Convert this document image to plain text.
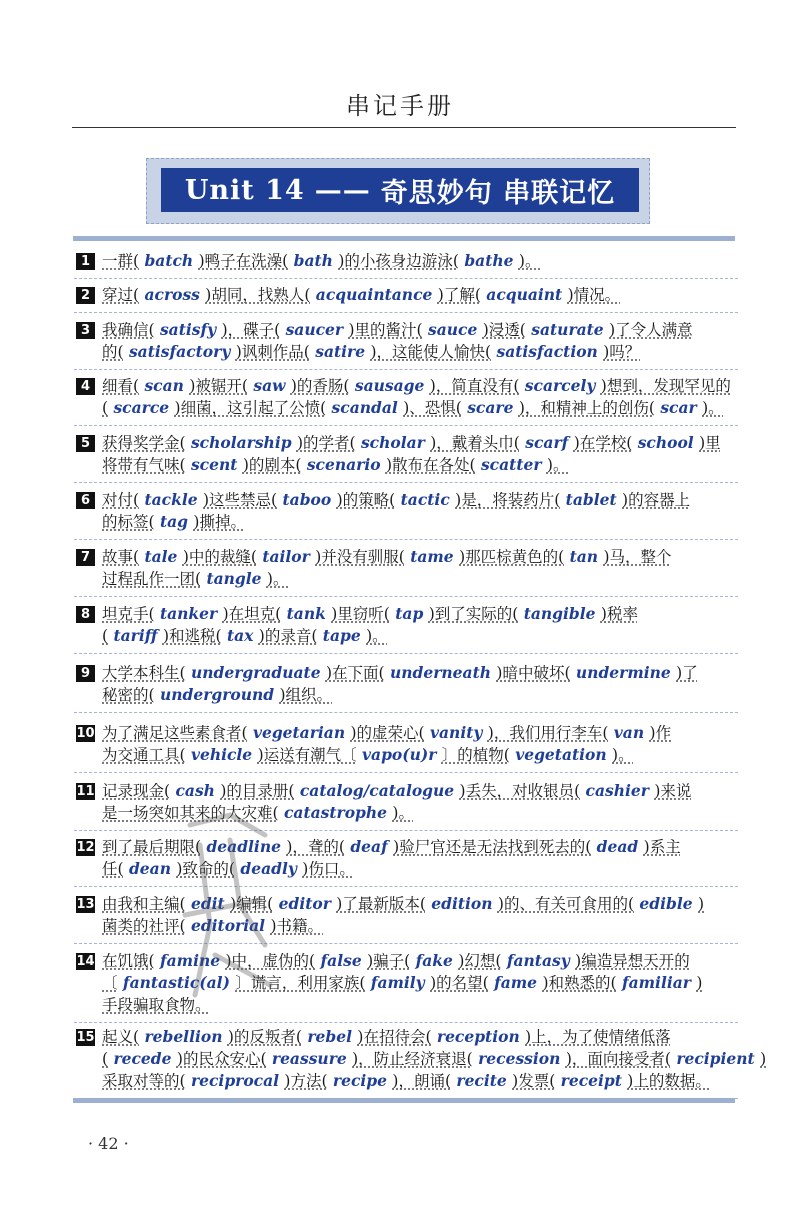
串记手册
Unit 14 —— 奇思妙句 串联记忆

1 一群( batch )鸭子在洗澡( bath )的小孩身边游泳( bathe )。

2 穿过( across )胡同，找熟人( acquaintance )了解( acquaint )情况。

3 我确信( satisfy )，碟子( saucer )里的酱汁( sauce )浸透( saturate )了令人满意
的( satisfactory )讽刺作品( satire )，这能使人愉快( satisfaction )吗？

4 细看( scan )被锯开( saw )的香肠( sausage )，简直没有( scarcely )想到，发现罕见的
( scarce )细菌，这引起了公愤( scandal )、恐惧( scare )，和精神上的创伤( scar )。

5 获得奖学金( scholarship )的学者( scholar )，戴着头巾( scarf )在学校( school )里
将带有气味( scent )的剧本( scenario )散布在各处( scatter )。

6 对付( tackle )这些禁忌( taboo )的策略( tactic )是，将装药片( tablet )的容器上
的标签( tag )撕掉。

7 故事( tale )中的裁缝( tailor )并没有驯服( tame )那匹棕黄色的( tan )马，整个
过程乱作一团( tangle )。

8 坦克手( tanker )在坦克( tank )里窃听( tap )到了实际的( tangible )税率
( tariff )和逃税( tax )的录音( tape )。

9 大学本科生( undergraduate )在下面( underneath )暗中破坏( undermine )了
秘密的( underground )组织。

10 为了满足这些素食者( vegetarian )的虚荣心( vanity )，我们用行李车( van )作
为交通工具( vehicle )运送有潮气〔 vapo(u)r 〕的植物( vegetation )。

11 记录现金( cash )的目录册( catalog/catalogue )丢失，对收银员( cashier )来说
是一场突如其来的大灾难( catastrophe )。

12 到了最后期限( deadline )，聋的( deaf )验尸官还是无法找到死去的( dead )系主
任( dean )致命的( deadly )伤口。

13 由我和主编( edit )编辑( editor )了最新版本( edition )的、有关可食用的( edible )
菌类的社评( editorial )书籍。

14 在饥饿( famine )中，虚伪的( false )骗子( fake )幻想( fantasy )编造异想天开的
〔 fantastic(al) 〕谎言，利用家族( family )的名望( fame )和熟悉的( familiar )
手段骗取食物。

15 起义( rebellion )的反叛者( rebel )在招待会( reception )上，为了使情绪低落
( recede )的民众安心( reassure )，防止经济衰退( recession )，面向接受者( recipient )
采取对等的( reciprocal )方法( recipe )，朗诵( recite )发票( receipt )上的数据。

· 42 ·
